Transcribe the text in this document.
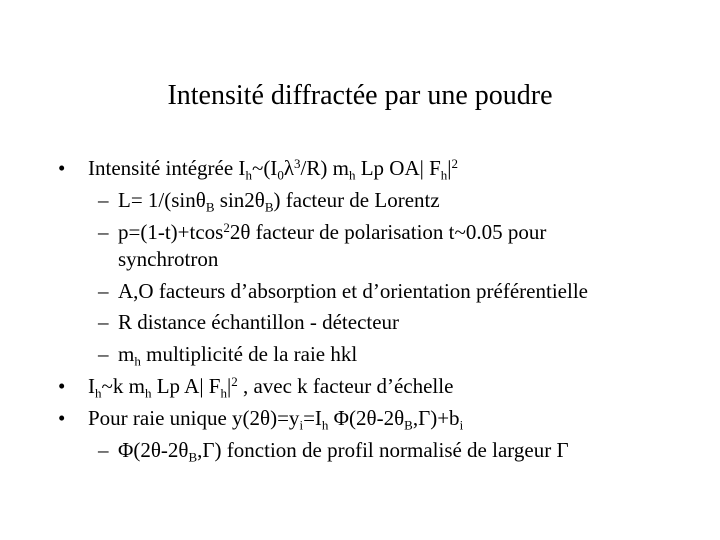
Intensité diffractée par une poudre
• Intensité intégrée $I_h\sim(I_0\lambda^3/R)$ $m_h$ Lp OA| $F_h|^2$
– L= 1/(sinθ$_B$ $\sin 2\theta_B$) facteur de Lorentz
– p=(1-t)+tcos$^2$2θ facteur de polarisation t~0.05 pour
synchrotron
– A,O facteurs d’absorption et d’orientation préférentielle
– R distance échantillon - détecteur
– $m_h$ multiplicité de la raie hkl
• $I_h\sim k$ $m_h$ Lp A| $F_h|^2$ , avec k facteur d’échelle
• Pour raie unique $y(2\theta)=y_i=I_h$ $\Phi(2\theta-2\theta_B,\Gamma)+b_i$
– $\Phi(2\theta-2\theta_B,\Gamma)$ fonction de profil normalisé de largeur Γ
